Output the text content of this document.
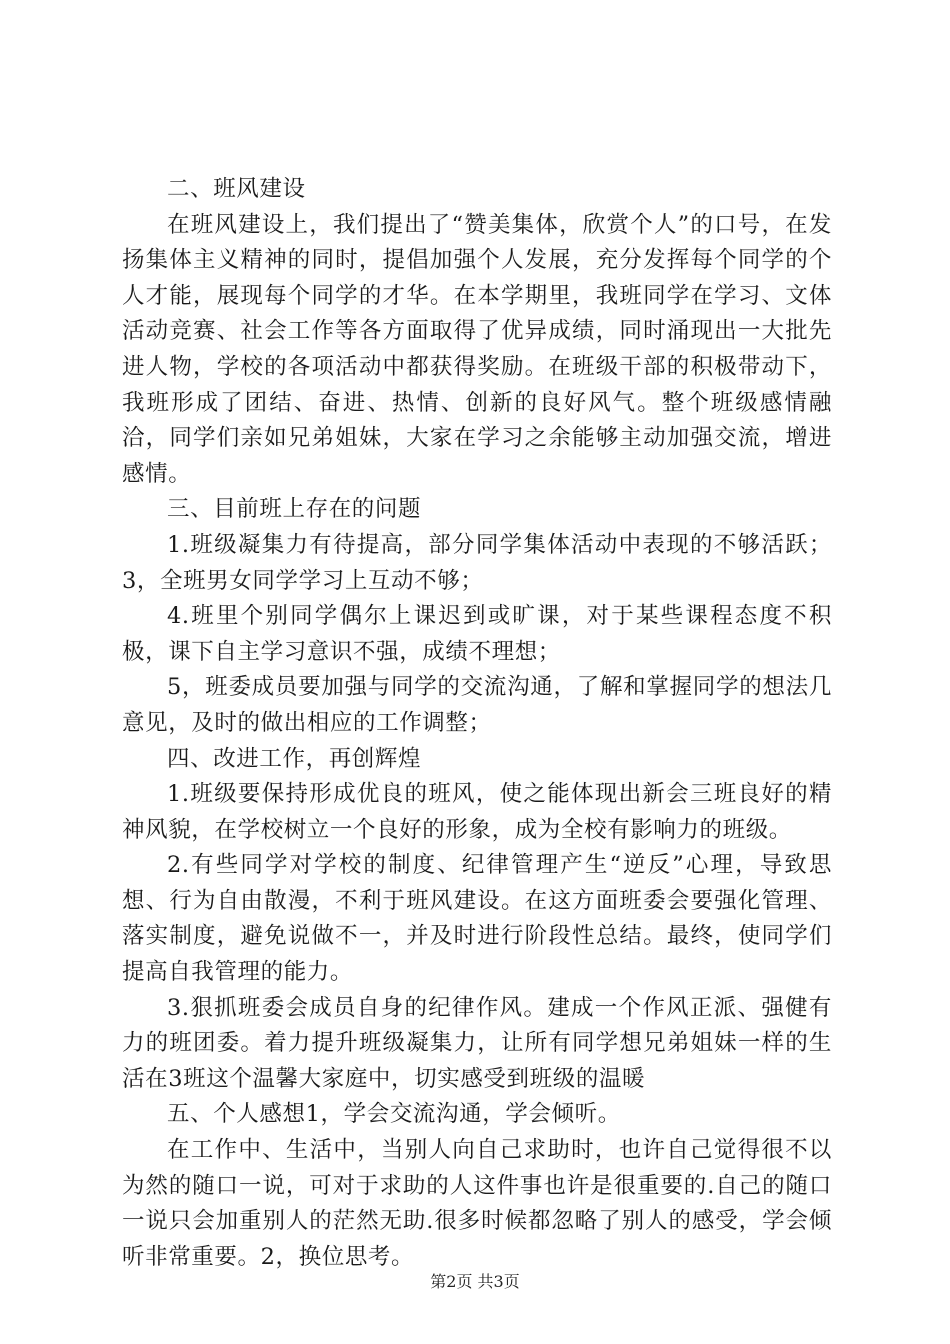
二、班风建设

在班风建设上，我们提出了“赞美集体，欣赏个人”的口号，在发扬集体主义精神的同时，提倡加强个人发展，充分发挥每个同学的个人才能，展现每个同学的才华。在本学期里，我班同学在学习、文体活动竞赛、社会工作等各方面取得了优异成绩，同时涌现出一大批先进人物，学校的各项活动中都获得奖励。在班级干部的积极带动下，我班形成了团结、奋进、热情、创新的良好风气。整个班级感情融洽，同学们亲如兄弟姐妹，大家在学习之余能够主动加强交流，增进感情。

三、目前班上存在的问题

1.班级凝集力有待提高，部分同学集体活动中表现的不够活跃；3，全班男女同学学习上互动不够；

4.班里个别同学偶尔上课迟到或旷课，对于某些课程态度不积极，课下自主学习意识不强，成绩不理想；

5，班委成员要加强与同学的交流沟通，了解和掌握同学的想法几意见，及时的做出相应的工作调整；

四、改进工作，再创辉煌

1.班级要保持形成优良的班风，使之能体现出新会三班良好的精神风貌，在学校树立一个良好的形象，成为全校有影响力的班级。

2.有些同学对学校的制度、纪律管理产生“逆反”心理，导致思想、行为自由散漫，不利于班风建设。在这方面班委会要强化管理、落实制度，避免说做不一，并及时进行阶段性总结。最终，使同学们提高自我管理的能力。

3.狠抓班委会成员自身的纪律作风。建成一个作风正派、强健有力的班团委。着力提升班级凝集力，让所有同学想兄弟姐妹一样的生活在3班这个温馨大家庭中，切实感受到班级的温暖

五、个人感想1，学会交流沟通，学会倾听。

在工作中、生活中，当别人向自己求助时，也许自己觉得很不以为然的随口一说，可对于求助的人这件事也许是很重要的.自己的随口一说只会加重别人的茫然无助.很多时候都忽略了别人的感受，学会倾听非常重要。2，换位思考。

第2页 共3页
